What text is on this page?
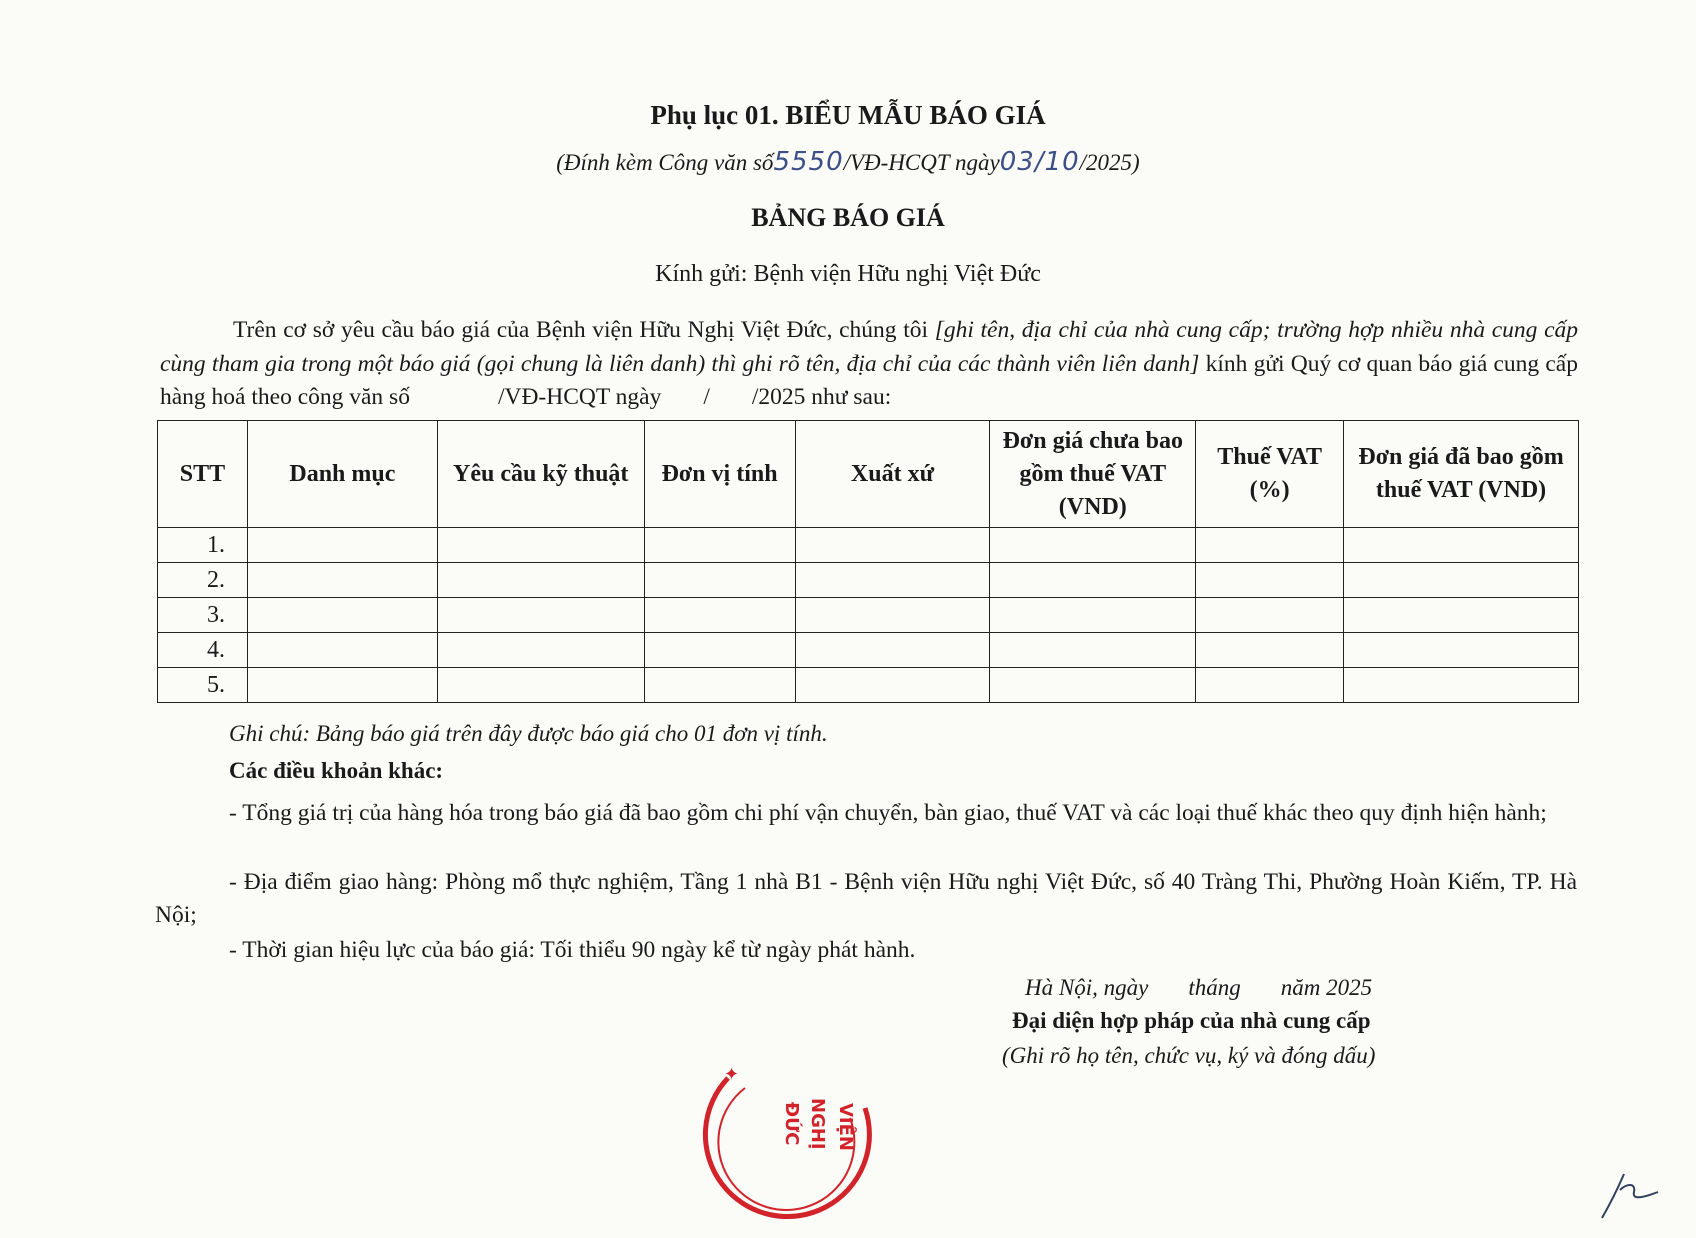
Phụ lục 01. BIỂU MẪU BÁO GIÁ
(Đính kèm Công văn số5550/VĐ-HCQT ngày03/10/2025)
BẢNG BÁO GIÁ
Kính gửi: Bệnh viện Hữu nghị Việt Đức
Trên cơ sở yêu cầu báo giá của Bệnh viện Hữu Nghị Việt Đức, chúng tôi [ghi tên, địa chỉ của nhà cung cấp; trường hợp nhiều nhà cung cấp cùng tham gia trong một báo giá (gọi chung là liên danh) thì ghi rõ tên, địa chỉ của các thành viên liên danh] kính gửi Quý cơ quan báo giá cung cấp hàng hoá theo công văn số	/VĐ-HCQT ngày / /2025 như sau:
STT	Danh mục	Yêu cầu kỹ thuật	Đơn vị tính	Xuất xứ	Đơn giá chưa bao gồm thuế VAT (VND)	Thuế VAT (%)	Đơn giá đã bao gồm thuế VAT (VND)
1.							
2.							
3.							
4.							
5.							
Ghi chú: Bảng báo giá trên đây được báo giá cho 01 đơn vị tính.
Các điều khoản khác:
- Tổng giá trị của hàng hóa trong báo giá đã bao gồm chi phí vận chuyển, bàn giao, thuế VAT và các loại thuế khác theo quy định hiện hành;
- Địa điểm giao hàng: Phòng mổ thực nghiệm, Tầng 1 nhà B1 - Bệnh viện Hữu nghị Việt Đức, số 40 Tràng Thi, Phường Hoàn Kiếm, TP. Hà Nội;
- Thời gian hiệu lực của báo giá: Tối thiểu 90 ngày kể từ ngày phát hành.
Hà Nội, ngày tháng năm 2025
Đại diện hợp pháp của nhà cung cấp
(Ghi rõ họ tên, chức vụ, ký và đóng dấu)
✦
VIỆN
NGHỊ
ĐỨC
